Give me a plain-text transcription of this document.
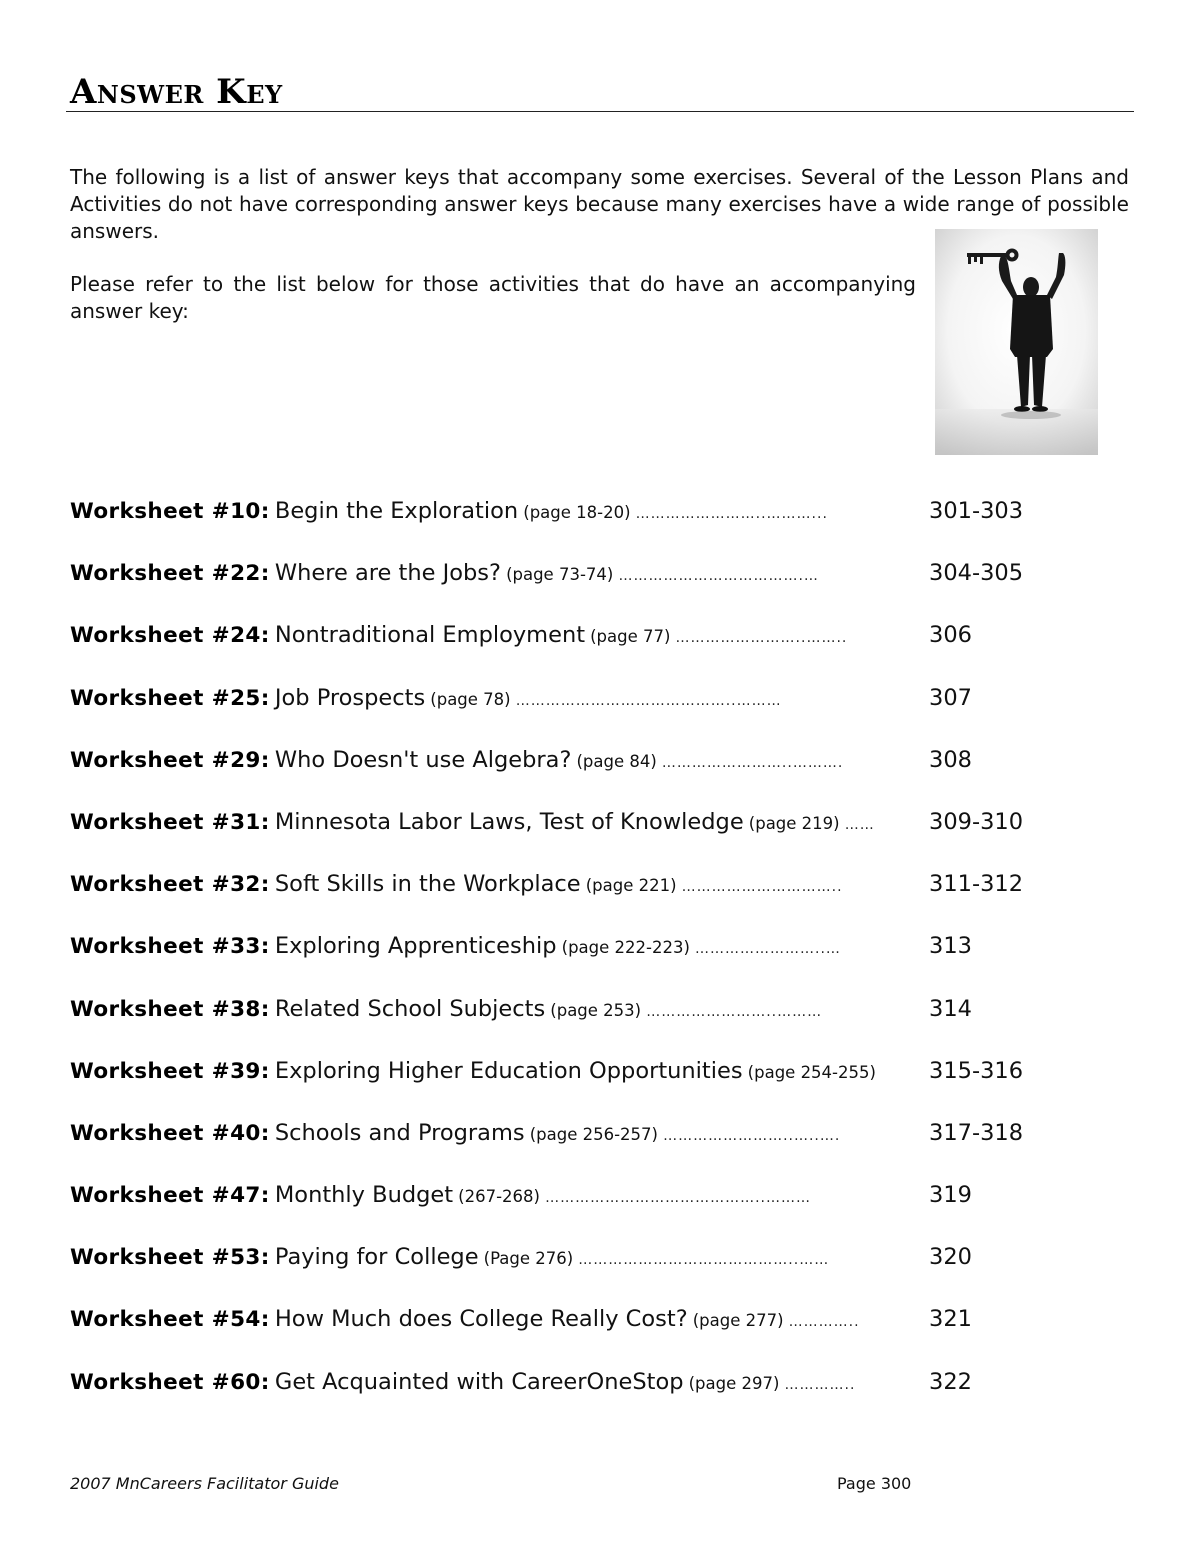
Answer Key

The following is a list of answer keys that accompany some exercises. Several of the Lesson Plans and Activities do not have corresponding answer keys because many exercises have a wide range of possible answers.

Please refer to the list below for those activities that do have an accompanying answer key:

Worksheet #10: Begin the Exploration (page 18-20) ……………………..………...	301-303
Worksheet #22: Where are the Jobs? (page 73-74) ……………………………….…	304-305
Worksheet #24: Nontraditional Employment (page 77) ……………………..……..	306
Worksheet #25: Job Prospects (page 78) ……………………………………..………	307
Worksheet #29: Who Doesn't use Algebra? (page 84) ……………………..……….	308
Worksheet #31: Minnesota Labor Laws, Test of Knowledge (page 219) ……	309-310
Worksheet #32: Soft Skills in the Workplace (page 221) …………………………..	311-312
Worksheet #33: Exploring Apprenticeship (page 222-223) ……………………..…	313
Worksheet #38: Related School Subjects (page 253) ……………………..………	314
Worksheet #39: Exploring Higher Education Opportunities (page 254-255)	315-316
Worksheet #40: Schools and Programs (page 256-257) ……………………..…..….	317-318
Worksheet #47: Monthly Budget (267-268) ……………………………………..………	319
Worksheet #53: Paying for College (Page 276) ……………………………………..……	320
Worksheet #54: How Much does College Really Cost? (page 277) …………..	321
Worksheet #60: Get Acquainted with CareerOneStop (page 297) …………..	322
2007 MnCareers Facilitator Guide	Page 300
